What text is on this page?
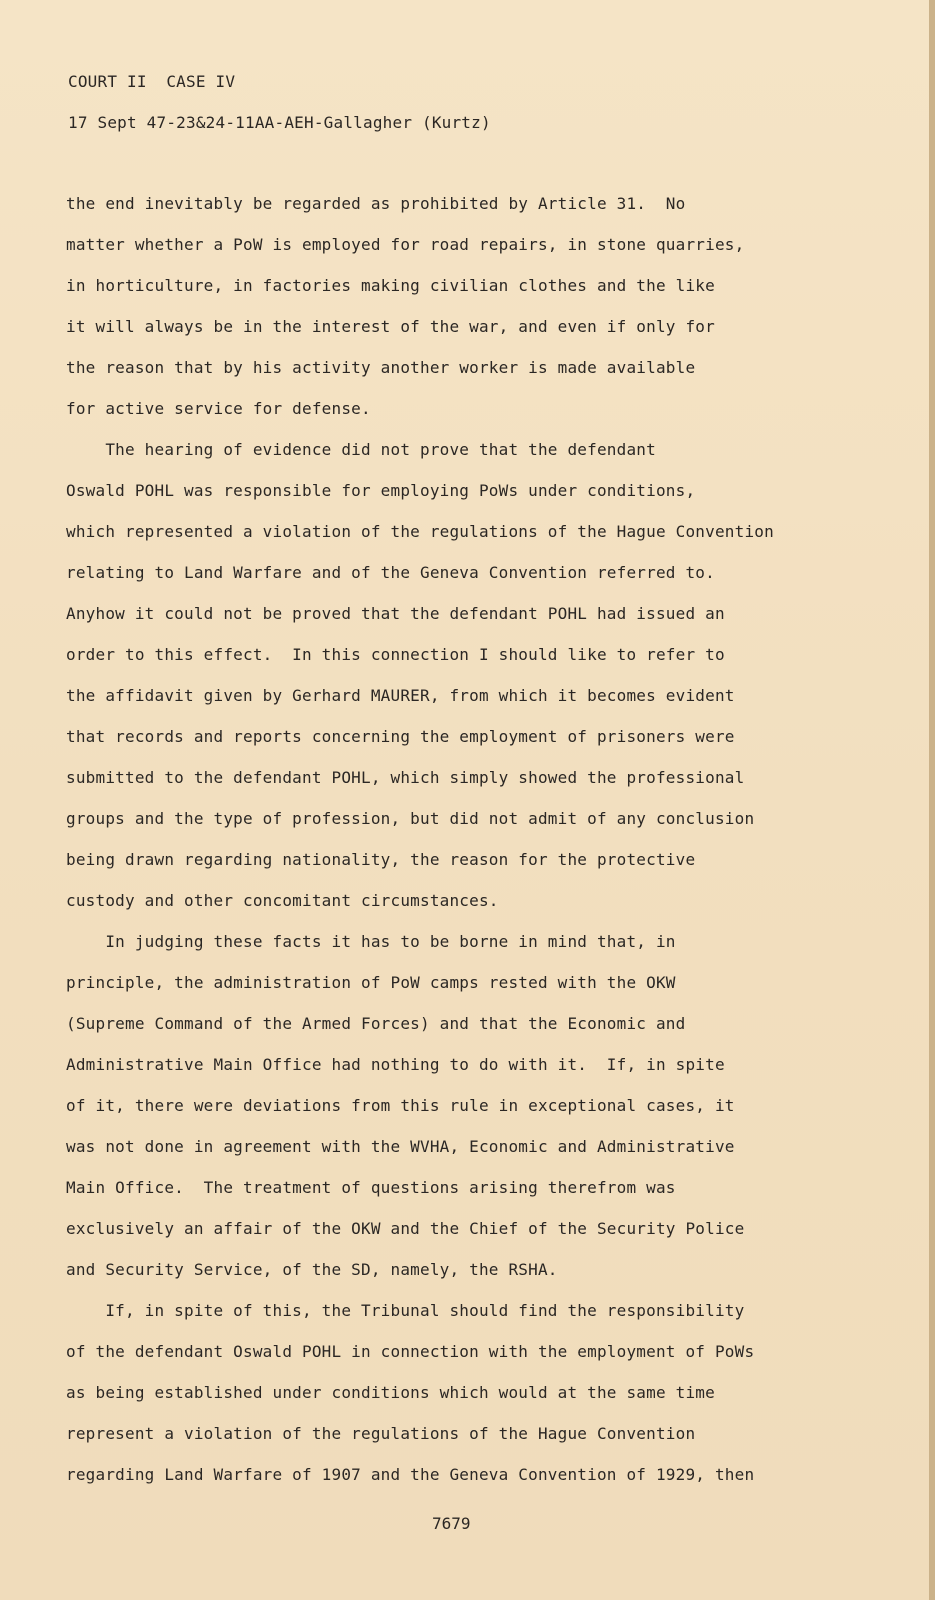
COURT II  CASE IV
17 Sept 47-23&24-11AA-AEH-Gallagher (Kurtz)
the end inevitably be regarded as prohibited by Article 31.  No
matter whether a PoW is employed for road repairs, in stone quarries,
in horticulture, in factories making civilian clothes and the like
it will always be in the interest of the war, and even if only for
the reason that by his activity another worker is made available
for active service for defense.
The hearing of evidence did not prove that the defendant
Oswald POHL was responsible for employing PoWs under conditions,
which represented a violation of the regulations of the Hague Convention
relating to Land Warfare and of the Geneva Convention referred to.
Anyhow it could not be proved that the defendant POHL had issued an
order to this effect.  In this connection I should like to refer to
the affidavit given by Gerhard MAURER, from which it becomes evident
that records and reports concerning the employment of prisoners were
submitted to the defendant POHL, which simply showed the professional
groups and the type of profession, but did not admit of any conclusion
being drawn regarding nationality, the reason for the protective
custody and other concomitant circumstances.
In judging these facts it has to be borne in mind that, in
principle, the administration of PoW camps rested with the OKW
(Supreme Command of the Armed Forces) and that the Economic and
Administrative Main Office had nothing to do with it.  If, in spite
of it, there were deviations from this rule in exceptional cases, it
was not done in agreement with the WVHA, Economic and Administrative
Main Office.  The treatment of questions arising therefrom was
exclusively an affair of the OKW and the Chief of the Security Police
and Security Service, of the SD, namely, the RSHA.
If, in spite of this, the Tribunal should find the responsibility
of the defendant Oswald POHL in connection with the employment of PoWs
as being established under conditions which would at the same time
represent a violation of the regulations of the Hague Convention
regarding Land Warfare of 1907 and the Geneva Convention of 1929, then
7679
